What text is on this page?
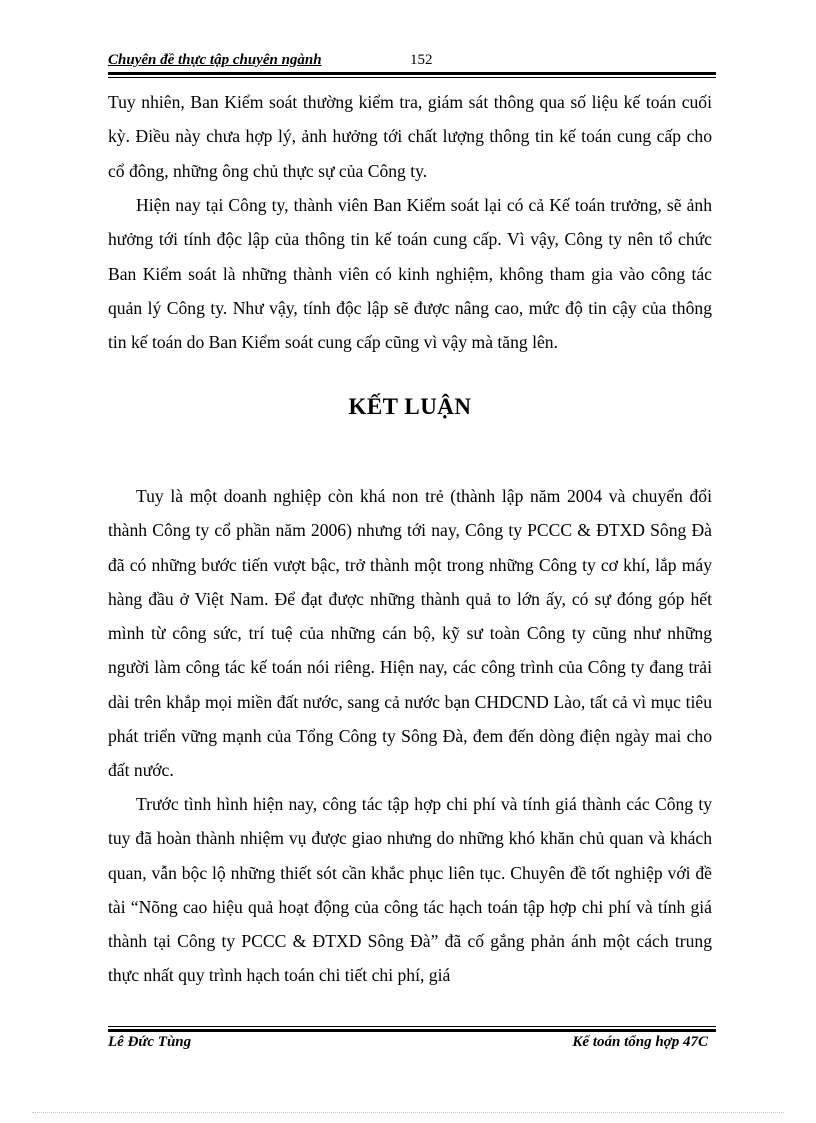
Chuyên đề thực tập chuyên ngành	152

Tuy nhiên, Ban Kiểm soát thường kiểm tra, giám sát thông qua số liệu kế toán cuối kỳ. Điều này chưa hợp lý, ảnh hưởng tới chất lượng thông tin kế toán cung cấp cho cổ đông, những ông chủ thực sự của Công ty.

Hiện nay tại Công ty, thành viên Ban Kiểm soát lại có cả Kế toán trưởng, sẽ ảnh hưởng tới tính độc lập của thông tin kế toán cung cấp. Vì vậy, Công ty nên tổ chức Ban Kiểm soát là những thành viên có kinh nghiệm, không tham gia vào công tác quản lý Công ty. Như vậy, tính độc lập sẽ được nâng cao, mức độ tin cậy của thông tin kế toán do Ban Kiểm soát cung cấp cũng vì vậy mà tăng lên.

KẾT LUẬN

Tuy là một doanh nghiệp còn khá non trẻ (thành lập năm 2004 và chuyển đổi thành Công ty cổ phần năm 2006) nhưng tới nay, Công ty PCCC & ĐTXD Sông Đà đã có những bước tiến vượt bậc, trở thành một trong những Công ty cơ khí, lắp máy hàng đầu ở Việt Nam. Để đạt được những thành quả to lớn ấy, có sự đóng góp hết mình từ công sức, trí tuệ của những cán bộ, kỹ sư toàn Công ty cũng như những người làm công tác kế toán nói riêng. Hiện nay, các công trình của Công ty đang trải dài trên khắp mọi miền đất nước, sang cả nước bạn CHDCND Lào, tất cả vì mục tiêu phát triển vững mạnh của Tổng Công ty Sông Đà, đem đến dòng điện ngày mai cho đất nước.

Trước tình hình hiện nay, công tác tập hợp chi phí và tính giá thành các Công ty tuy đã hoàn thành nhiệm vụ được giao nhưng do những khó khăn chủ quan và khách quan, vẫn bộc lộ những thiết sót cần khắc phục liên tục. Chuyên đề tốt nghiệp với đề tài “Nõng cao hiệu quả hoạt động của công tác hạch toán tập hợp chi phí và tính giá thành tại Công ty PCCC & ĐTXD Sông Đà” đã cố gắng phản ánh một cách trung thực nhất quy trình hạch toán chi tiết chi phí, giá

Lê Đức Tùng	Kế toán tổng hợp 47C
